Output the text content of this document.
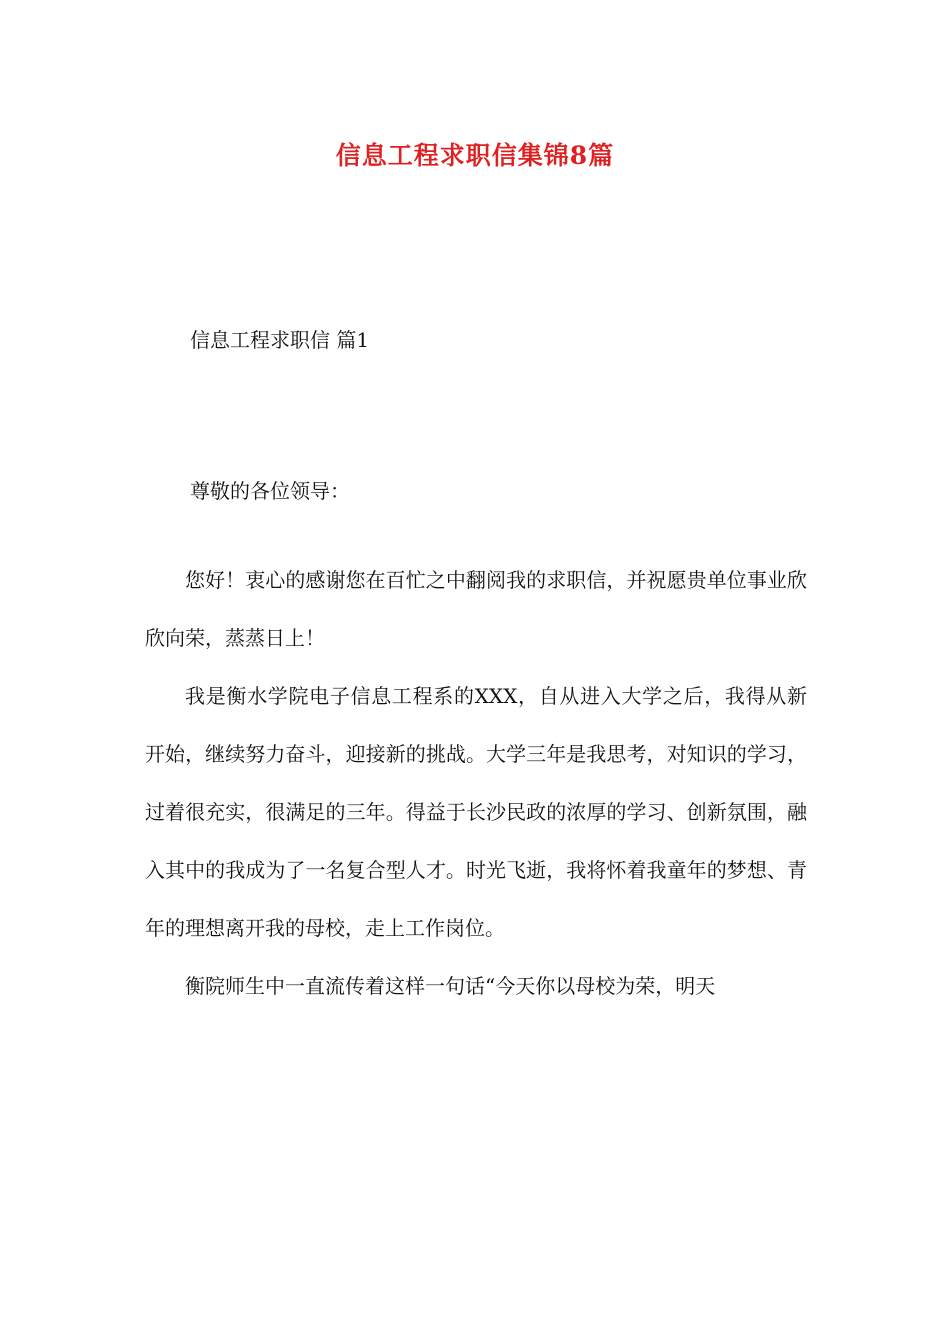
信息工程求职信集锦8篇
信息工程求职信 篇1
尊敬的各位领导：

您好！衷心的感谢您在百忙之中翻阅我的求职信，并祝愿贵单位事业欣欣向荣，蒸蒸日上！

我是衡水学院电子信息工程系的XXX，自从进入大学之后，我得从新开始，继续努力奋斗，迎接新的挑战。大学三年是我思考，对知识的学习，过着很充实，很满足的三年。得益于长沙民政的浓厚的学习、创新氛围，融入其中的我成为了一名复合型人才。时光飞逝，我将怀着我童年的梦想、青年的理想离开我的母校，走上工作岗位。

衡院师生中一直流传着这样一句话“今天你以母校为荣，明天
